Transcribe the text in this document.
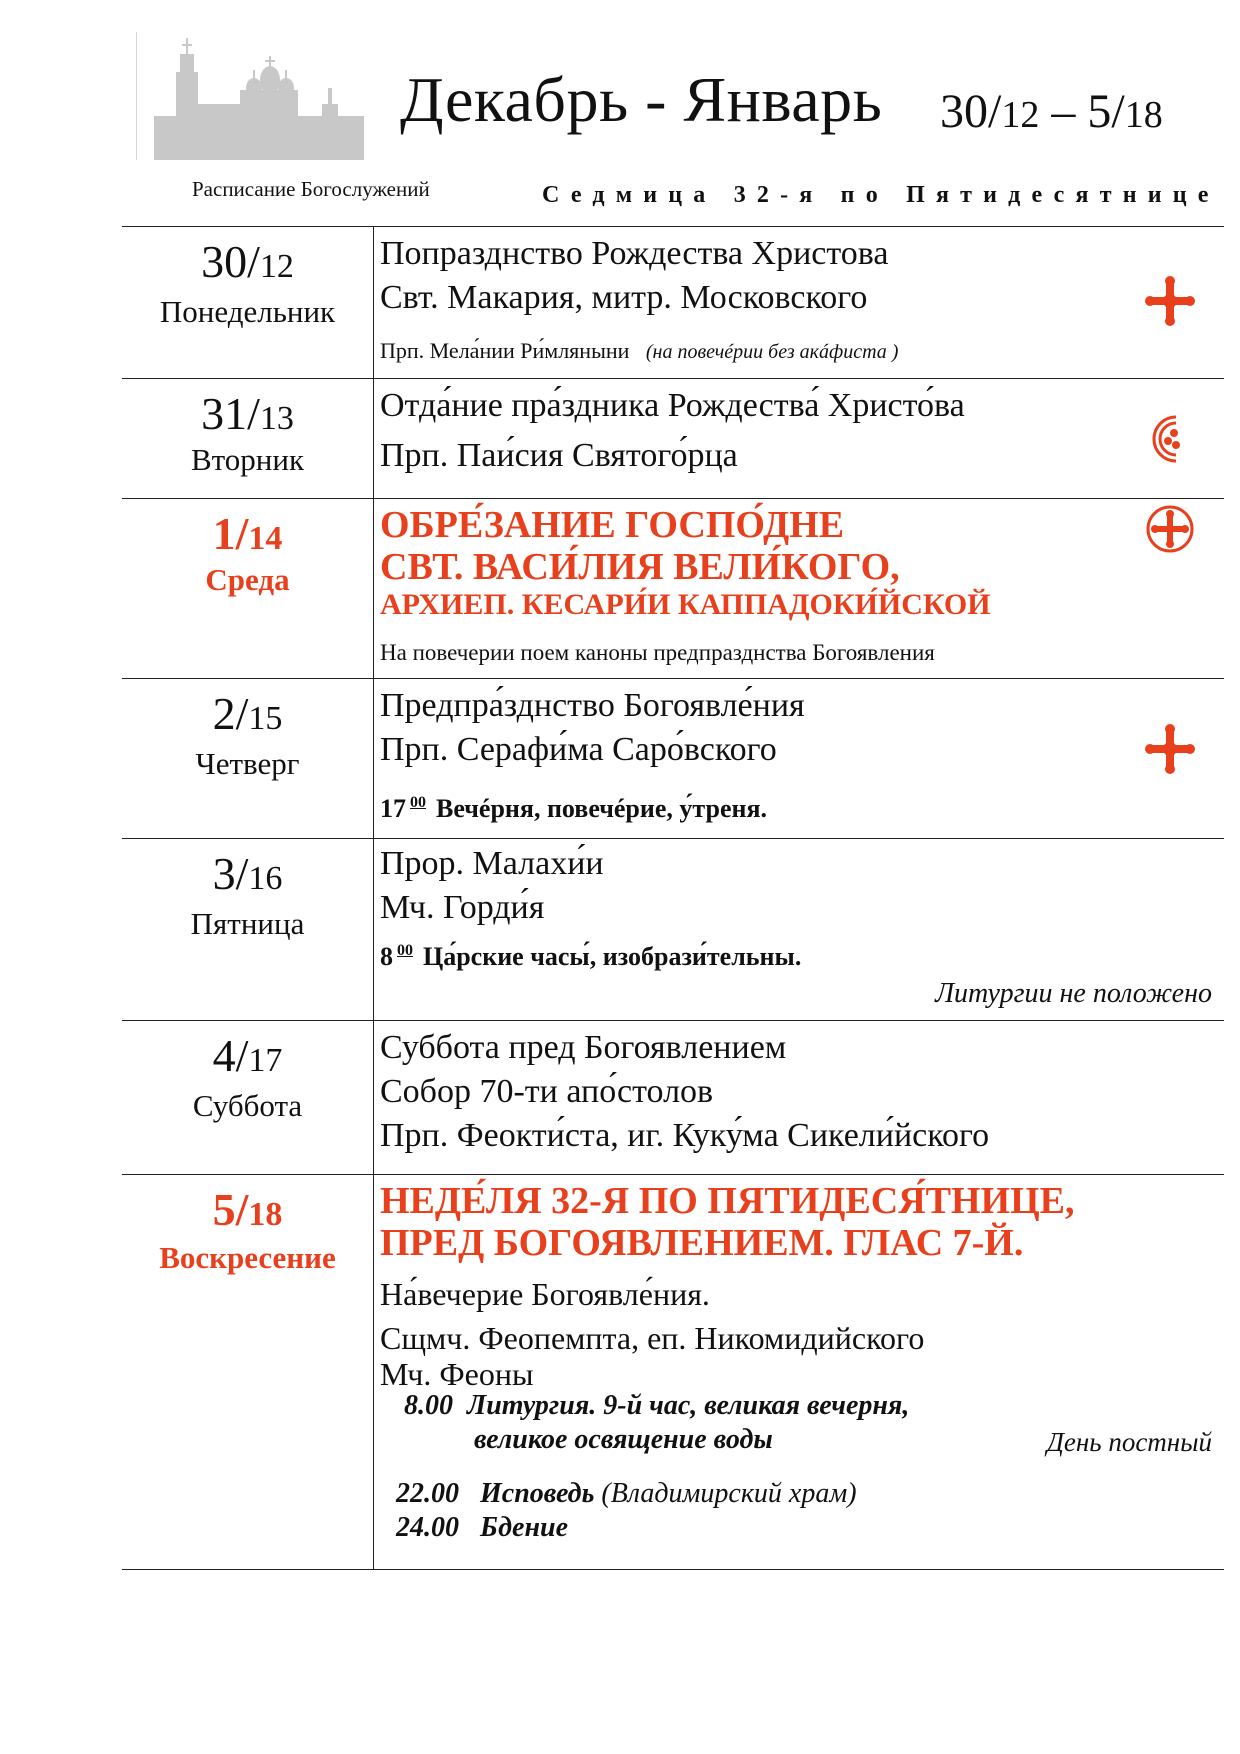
Декабрь - Январь 30/12 – 5/18
Расписание Богослужений	Седмица 32-я по Пятидесятнице
30/12
Понедельник
Попразднство Рождества Христова
Свт. Макария, митр. Московского
Прп. Мела́нии Ри́мляныни (на повечéрии без акáфиста )
31/13
Вторник
Отда́ние пра́здника Рождества́ Христо́ва
Прп. Паи́сия Святого́рца
1/14
Среда
ОБРЕ́ЗАНИЕ ГОСПО́ДНЕ
СВТ. ВАСИ́ЛИЯ ВЕЛИ́КОГО,
АРХИЕП. КЕСАРИ́И КАППАДОКИ́ЙСКОЙ
На повечерии поем каноны предпразднства Богоявления
2/15
Четверг
Предпра́зднство Богоявле́ния
Прп. Серафи́ма Саро́вского
17 $^{00}$ Вечéрня, повечéрие, у́треня.
3/16
Пятница
Прор. Малахи́и
Мч. Горди́я
8 $^{00}$ Ца́рские часы́, изобрази́тельны.
Литургии не положено
4/17
Суббота
Суббота пред Богоявлением
Собор 70-ти апо́столов
Прп. Феокти́ста, иг. Куку́ма Сикели́йского
5/18
Воскресение
НЕДЕ́ЛЯ 32-Я ПО ПЯТИДЕСЯ́ТНИЦЕ,
ПРЕД БОГОЯВЛЕНИЕМ. ГЛАС 7-Й.
На́вечерие Богоявле́ния.
Сщмч. Феопемпта, еп. Никомидийского
Мч. Феоны
8.00 Литургия. 9-й час, великая вечерня,
великое освящение воды
22.00 Исповедь (Владимирский храм)
24.00 Бдение
День постный
